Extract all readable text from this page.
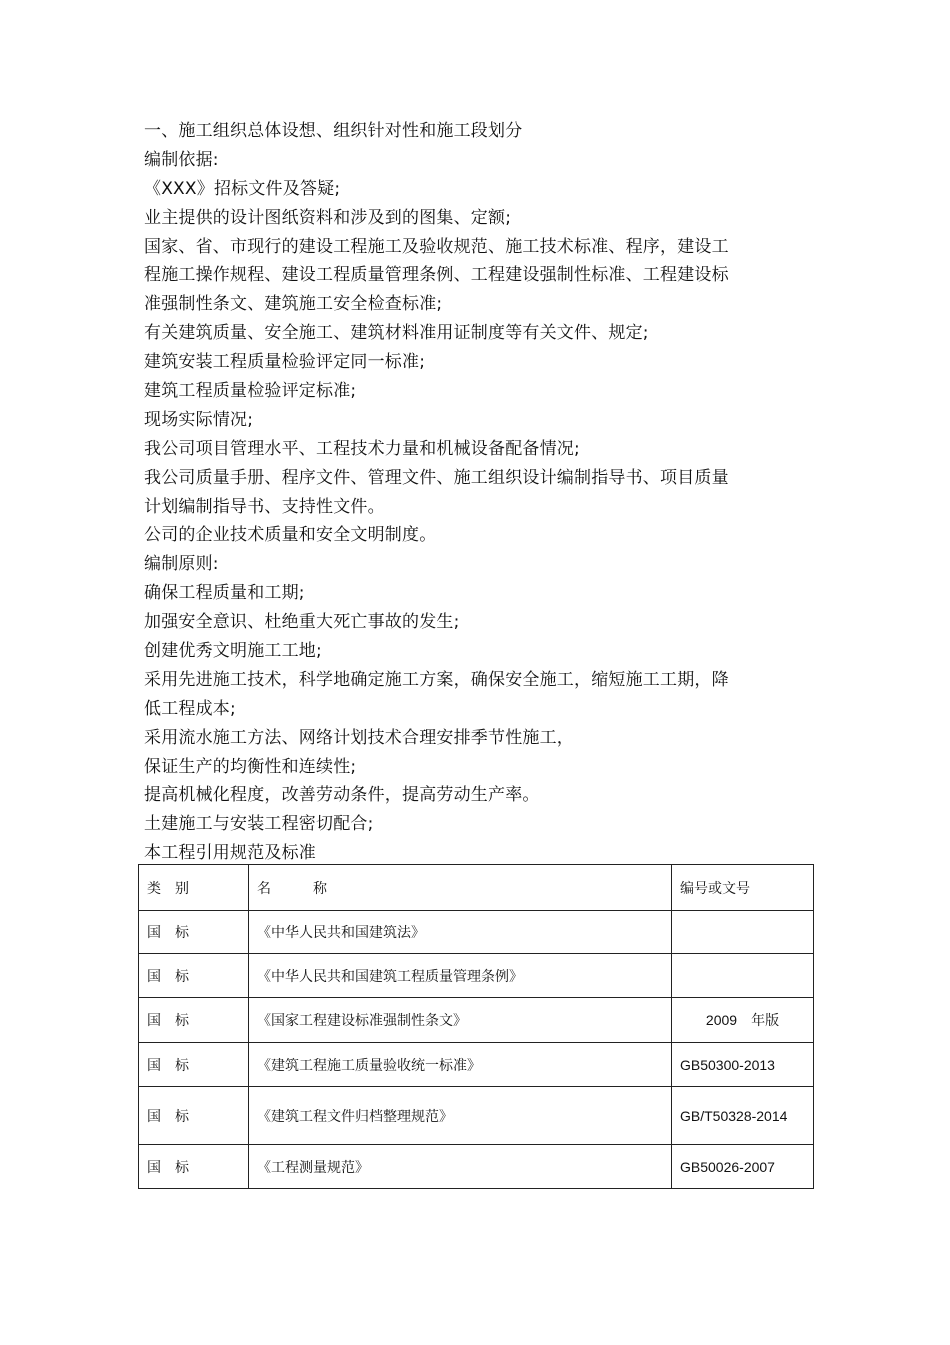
一、施工组织总体设想、组织针对性和施工段划分
编制依据:
《XXX》招标文件及答疑;
业主提供的设计图纸资料和涉及到的图集、定额;
国家、省、市现行的建设工程施工及验收规范、施工技术标准、程序，建设工
程施工操作规程、建设工程质量管理条例、工程建设强制性标准、工程建设标
准强制性条文、建筑施工安全检查标准;
有关建筑质量、安全施工、建筑材料准用证制度等有关文件、规定;
建筑安装工程质量检验评定同一标准;
建筑工程质量检验评定标准;
现场实际情况;
我公司项目管理水平、工程技术力量和机械设备配备情况;
我公司质量手册、程序文件、管理文件、施工组织设计编制指导书、项目质量
计划编制指导书、支持性文件。
公司的企业技术质量和安全文明制度。
编制原则:
确保工程质量和工期;
加强安全意识、杜绝重大死亡事故的发生;
创建优秀文明施工工地;
采用先进施工技术，科学地确定施工方案，确保安全施工，缩短施工工期，降
低工程成本;
采用流水施工方法、网络计划技术合理安排季节性施工，
保证生产的均衡性和连续性;
提高机械化程度，改善劳动条件，提高劳动生产率。
土建施工与安装工程密切配合;
本工程引用规范及标准
类　别	名　　　称	编号或文号
国　标	《中华人民共和国建筑法》	
国　标	《中华人民共和国建筑工程质量管理条例》	
国　标	《国家工程建设标准强制性条文》	2009　年版
国　标	《建筑工程施工质量验收统一标准》	GB50300-2013
国　标	《建筑工程文件归档整理规范》	GB/T50328-2014
国　标	《工程测量规范》	GB50026-2007
